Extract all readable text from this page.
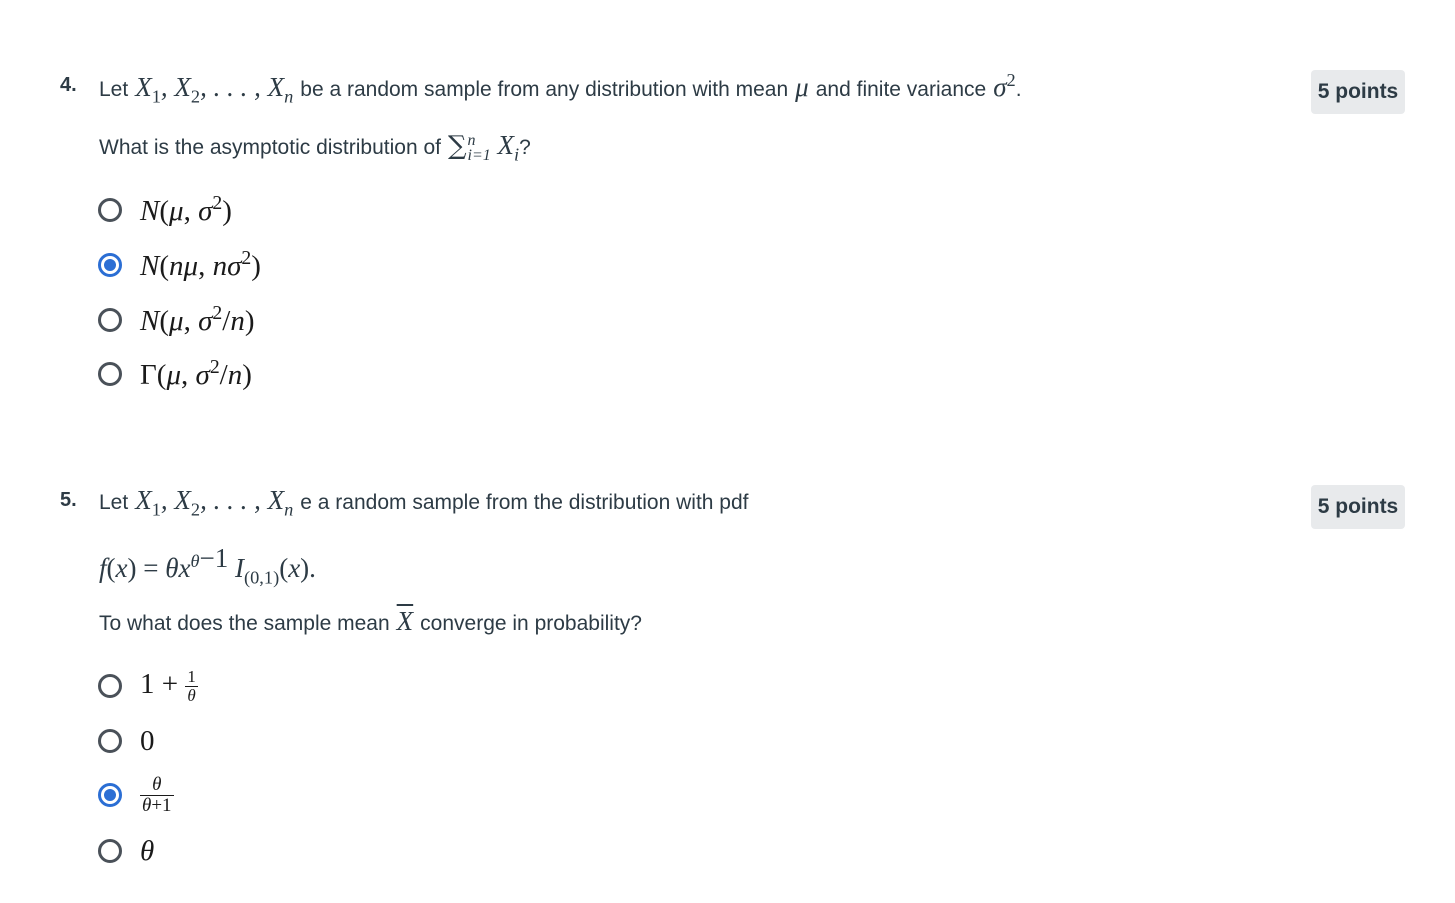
4.	5 points
Let $X_1$, $X_2$, . . . , $X_n$ be a random sample from any distribution with mean μ and finite variance $\sigma^2$ .
What is the asymptotic distribution of ∑ n
i=1 $X_i$ ?
N(μ, $\sigma^2$)
N(nμ, $n\sigma^2$)
N(μ, $\sigma^2/n$)
Γ(μ, $\sigma^2/n$)
5.	5 points
Let $X_1$, $X_2$, . . . , $X_n$ e a random sample from the distribution with pdf
$f(x) = \theta x^{\theta-1}$ $I_{(0,1)}(x)$.
To what does the sample mean $\overline{X}$ converge in probability?
$1 + \frac{1}{\theta}$
0
$\frac{\theta}{\theta+1}$
θ
